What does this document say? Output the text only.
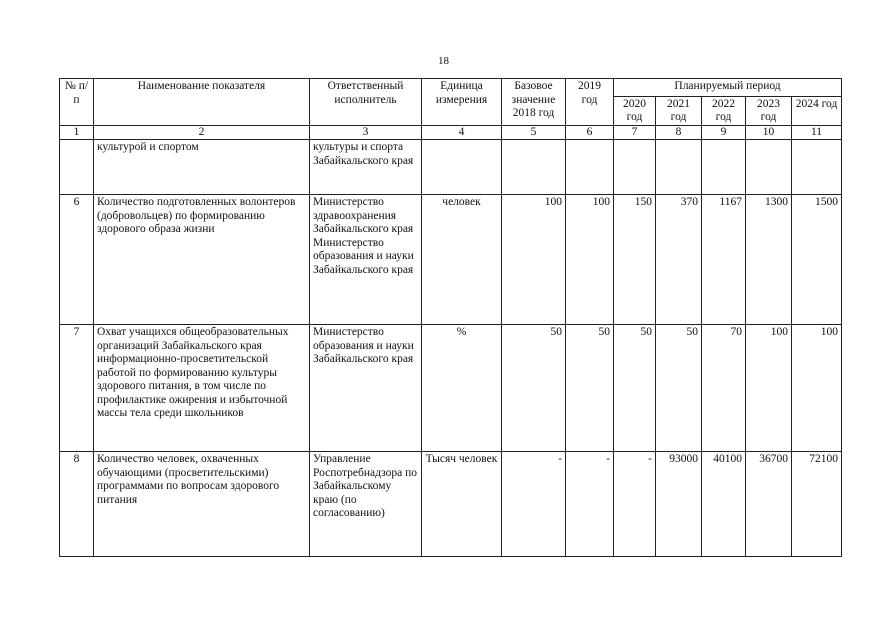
18
№ п/п	Наименование показателя	Ответственный исполнитель	Единица измерения	Базовое значение 2018 год	2019 год	Планируемый период				
						2020 год	2021 год	2022 год	2023 год	2024 год
1	2	3	4	5	6	7	8	9	10	11
	культурой и спортом	культуры и спорта Забайкальского края								
6	Количество подготовленных волонтеров (добровольцев) по формированию здорового образа жизни	Министерство здравоохранения Забайкальского края Министерство образования и науки Забайкальского края	человек	100	100	150	370	1167	1300	1500
7	Охват учащихся общеобразовательных организаций Забайкальского края информационно-просветительской работой по формированию культуры здорового питания, в том числе по профилактике ожирения и избыточной массы тела среди школьников	Министерство образования и науки Забайкальского края	%	50	50	50	50	70	100	100
8	Количество человек, охваченных обучающими (просветительскими) программами по вопросам здорового питания	Управление Роспотребнадзора по Забайкальскому краю (по согласованию)	Тысяч человек	-	-	-	93000	40100	36700	72100
